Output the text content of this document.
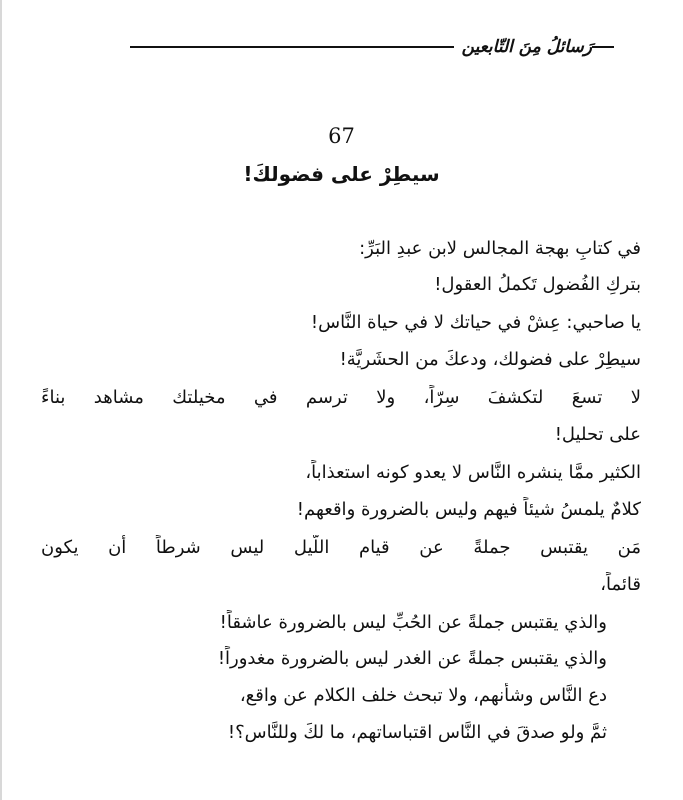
رَسائلُ مِنَ التّابعين
67
سيطِرْ على فضولكَ!
في كتابِ بهجة المجالس لابن عبدِ البَرِّ:
بتركِ الفُضول تَكملُ العقول!
يا صاحبي: عِشْ في حياتك لا في حياة النَّاس!
سيطِرْ على فضولك، ودعكَ من الحشَريَّة!
لا تسعَ لتكشفَ سِرّاً، ولا ترسم في مخيلتك مشاهد بناءً
على تحليل!
الكثير ممَّا ينشره النَّاس لا يعدو كونه استعذاباً،
كلامٌ يلمسُ شيئاً فيهم وليس بالضرورة واقعهم!
مَن يقتبس جملةً عن قيام اللَّيل ليس شرطاً أن يكون
قائماً،
والذي يقتبس جملةً عن الحُبِّ ليس بالضرورة عاشقاً!
والذي يقتبس جملةً عن الغدر ليس بالضرورة مغدوراً!
دع النَّاس وشأنهم، ولا تبحث خلف الكلام عن واقع،
ثمَّ ولو صدقَ في النَّاس اقتباساتهم، ما لكَ وللنَّاس؟!
